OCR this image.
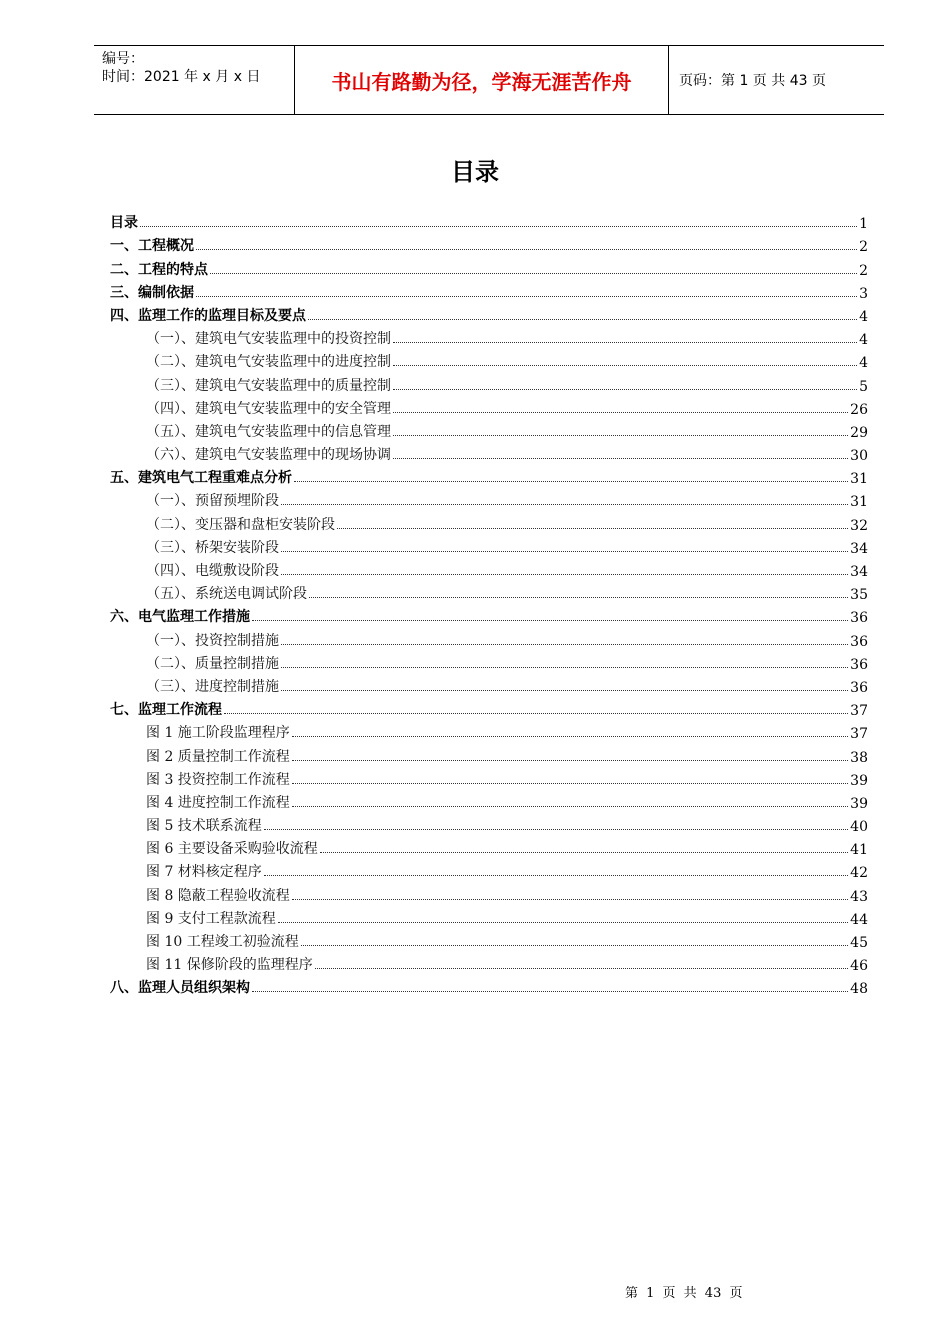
编号：
时间：2021 年 x 月 x 日	书山有路勤为径，学海无涯苦作舟	页码：第 1 页 共 43 页
目录
目录	1
一、工程概况	2
二、工程的特点	2
三、编制依据	3
四、监理工作的监理目标及要点	4
（一）、建筑电气安装监理中的投资控制	4
（二）、建筑电气安装监理中的进度控制	4
（三）、建筑电气安装监理中的质量控制	5
（四）、建筑电气安装监理中的安全管理	26
（五）、建筑电气安装监理中的信息管理	29
（六）、建筑电气安装监理中的现场协调	30
五、建筑电气工程重难点分析	31
（一）、预留预埋阶段	31
（二）、变压器和盘柜安装阶段	32
（三）、桥架安装阶段	34
（四）、电缆敷设阶段	34
（五）、系统送电调试阶段	35
六、电气监理工作措施	36
（一）、投资控制措施	36
（二）、质量控制措施	36
（三）、进度控制措施	36
七、监理工作流程	37
图 1 施工阶段监理程序	37
图 2 质量控制工作流程	38
图 3 投资控制工作流程	39
图 4 进度控制工作流程	39
图 5 技术联系流程	40
图 6 主要设备采购验收流程	41
图 7 材料核定程序	42
图 8 隐蔽工程验收流程	43
图 9 支付工程款流程	44
图 10 工程竣工初验流程	45
图 11 保修阶段的监理程序	46
八、监理人员组织架构	48
第 1 页 共 43 页
